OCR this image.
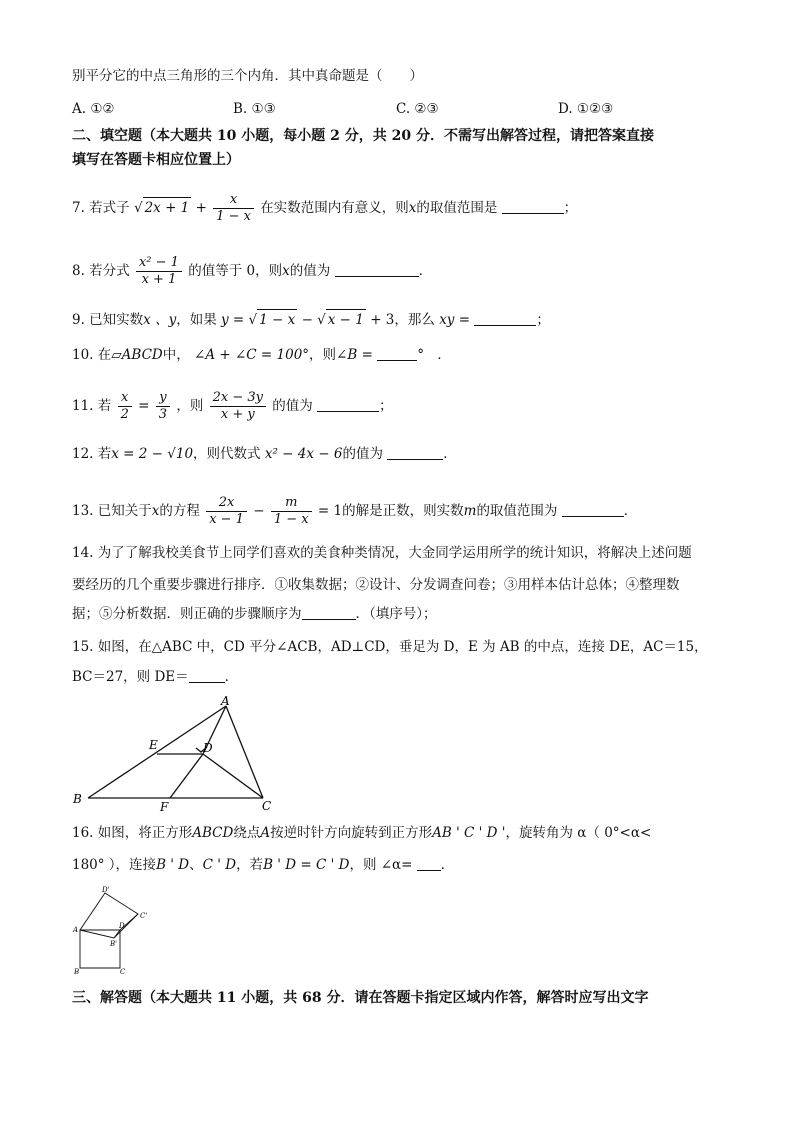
别平分它的中点三角形的三个内角．其中真命题是（　　）
A. ①②	B. ①③	C. ②③	D. ①②③
二、填空题（本大题共 10 小题，每小题 2 分，共 20 分．不需写出解答过程，请把答案直接
填写在答题卡相应位置上）
7. 若式子 √ $2x + 1 + \frac{x}{1 - x}$ 在实数范围内有意义，则x的取值范围是	；
8. 若分式 $\frac{\text{x² − 1}}{x + 1}$ 的值等于 0，则x的值为	．
9. 已知实数x 、y，如果 y = √ 1 − x − √ x − 1 + 3，那么 xy =	；
10. 在▱ABCD中， ∠A + ∠C = 100°，则∠B =	°　．
11. 若 $\frac{x}{2} = \frac{y}{3}$ ，则 $\frac{2x - 3y}{x + y}$ 的值为	；
12. 若x = 2 − √10，则代数式 x² − 4x − 6的值为	．
13. 已知关于x的方程 $\frac{2x}{x - 1} - \frac{m}{1 - x} = 1$的解是正数，则实数m的取值范围为	．
14. 为了了解我校美食节上同学们喜欢的美食种类情况，大金同学运用所学的统计知识，将解决上述问题
要经历的几个重要步骤进行排序．①收集数据；②设计、分发调查问卷；③用样本估计总体；④整理数
据；⑤分析数据．则正确的步骤顺序为	．（填序号）；
15. 如图，在△ABC 中，CD 平分∠ACB，AD⊥CD，垂足为 D，E 为 AB 的中点，连接 DE，AC＝15，
BC＝27，则 DE＝	．
A
B	C
D
E
F
16. 如图，将正方形ABCD绕点A按逆时针方向旋转到正方形AB ' C ' D '，旋转角为 α（ 0°<α<
180° ），连接B ' D、C ' D，若B ' D = C ' D，则 ∠α= ．
D'
C'
A	D
B'
B	C
三、解答题（本大题共 11 小题，共 68 分．请在答题卡指定区域内作答，解答时应写出文字
